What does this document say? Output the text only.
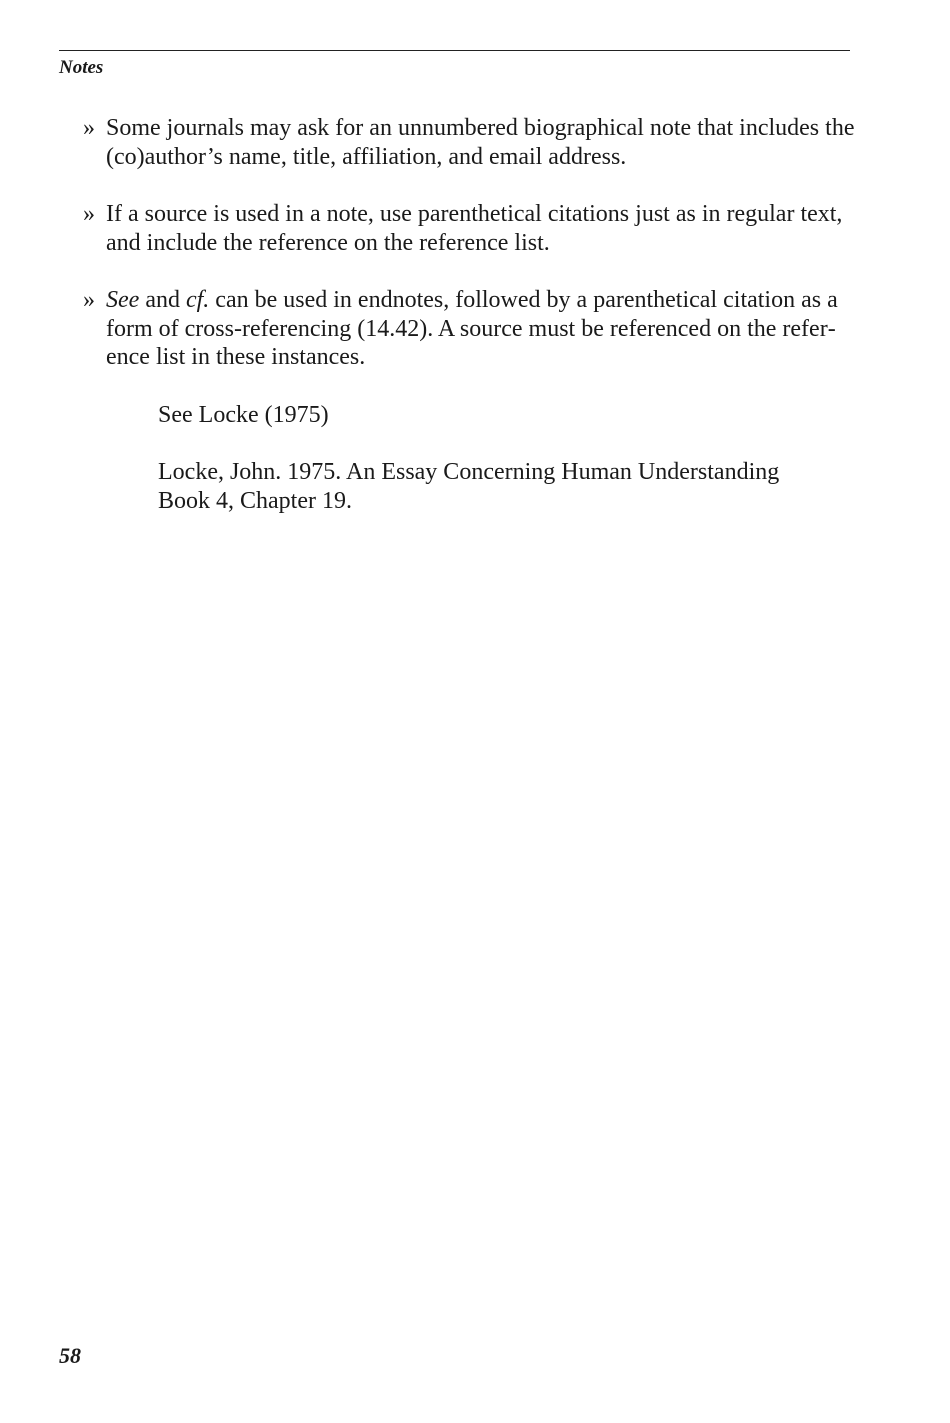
Notes
» Some journals may ask for an unnumbered biographical note that includes the (co)author’s name, title, affiliation, and email address.
» If a source is used in a note, use parenthetical citations just as in regular text, and include the reference on the reference list.
» See and cf. can be used in endnotes, followed by a parenthetical citation as a form of cross-referencing (14.42). A source must be referenced on the reference list in these instances.
See Locke (1975)
Locke, John. 1975. An Essay Concerning Human Understanding
Book 4, Chapter 19.
58
